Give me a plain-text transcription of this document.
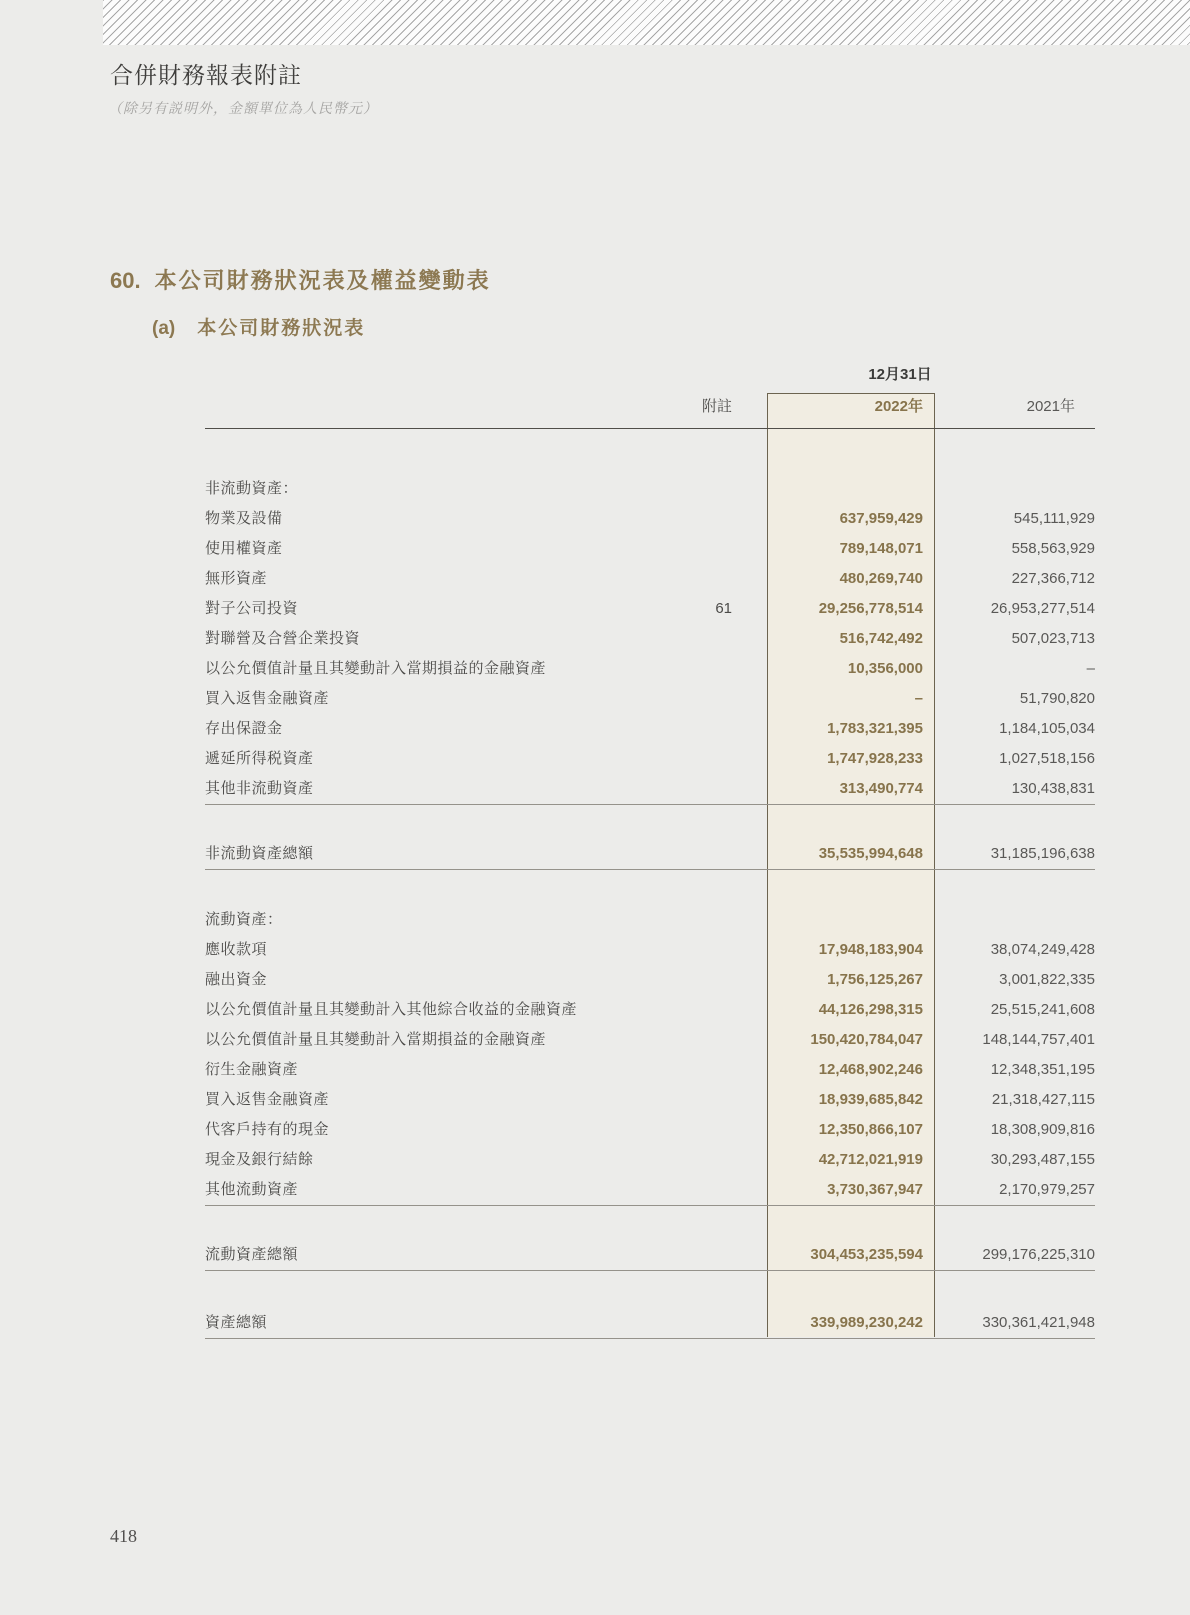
合併財務報表附註
（除另有説明外，金額單位為人民幣元）
60. 本公司財務狀況表及權益變動表
(a) 本公司財務狀況表
12月31日
附註	2022年	2021年
非流動資產：
物業及設備	637,959,429	545,111,929
使用權資產	789,148,071	558,563,929
無形資產	480,269,740	227,366,712
對子公司投資	61	29,256,778,514	26,953,277,514
對聯營及合營企業投資	516,742,492	507,023,713
以公允價值計量且其變動計入當期損益的金融資產	10,356,000	–
買入返售金融資產	–	51,790,820
存出保證金	1,783,321,395	1,184,105,034
遞延所得税資產	1,747,928,233	1,027,518,156
其他非流動資產	313,490,774	130,438,831
非流動資產總額	35,535,994,648	31,185,196,638
流動資產：
應收款項	17,948,183,904	38,074,249,428
融出資金	1,756,125,267	3,001,822,335
以公允價值計量且其變動計入其他綜合收益的金融資產	44,126,298,315	25,515,241,608
以公允價值計量且其變動計入當期損益的金融資產	150,420,784,047	148,144,757,401
衍生金融資產	12,468,902,246	12,348,351,195
買入返售金融資產	18,939,685,842	21,318,427,115
代客戶持有的現金	12,350,866,107	18,308,909,816
現金及銀行結餘	42,712,021,919	30,293,487,155
其他流動資產	3,730,367,947	2,170,979,257
流動資產總額	304,453,235,594	299,176,225,310
資產總額	339,989,230,242	330,361,421,948
418
